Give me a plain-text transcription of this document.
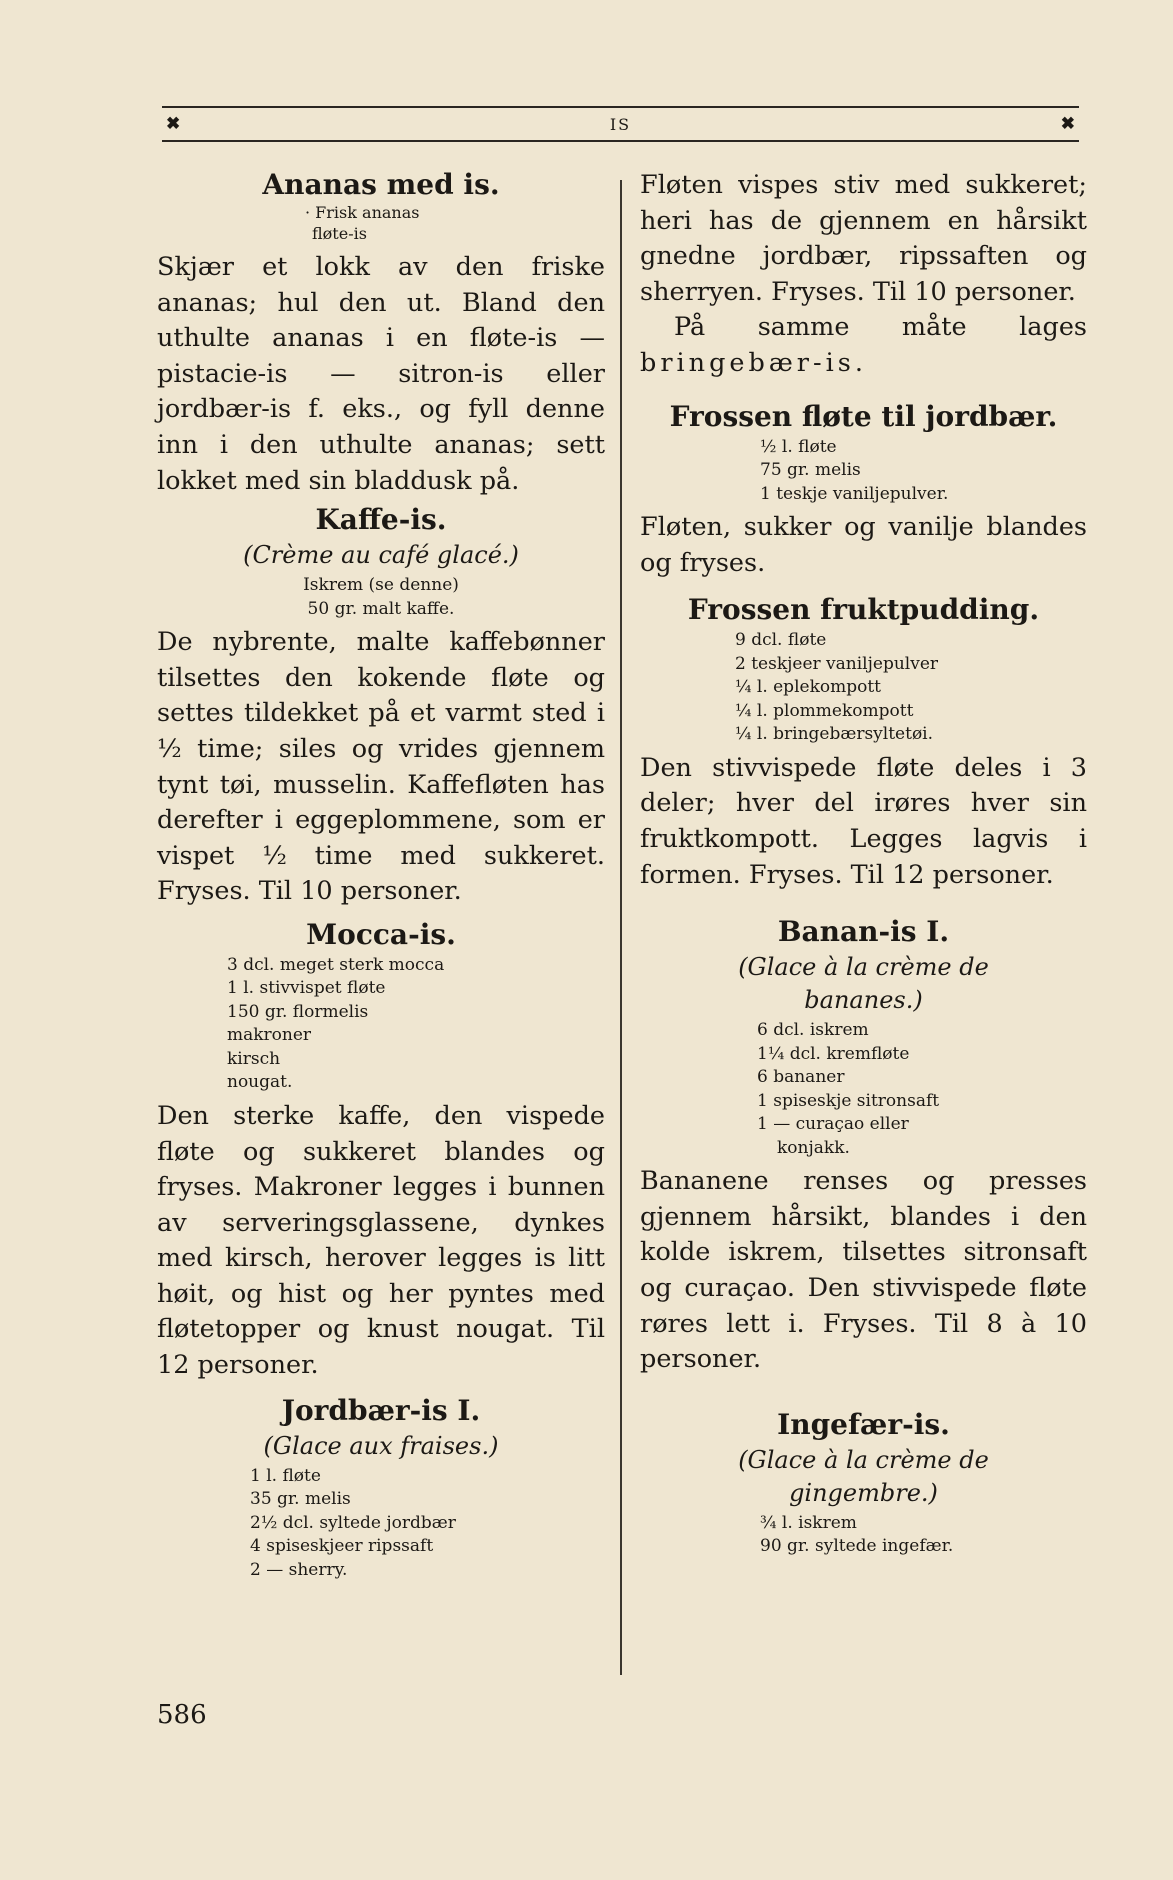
✖	IS	✖
Ananas med is.
· Frisk ananas
fløte-is

Skjær et lokk av den friske ananas; hul den ut. Bland den uthulte ananas i en fløte-is — pistacie-is — sitron-is eller jordbær-is f. eks., og fyll denne inn i den uthulte ananas; sett lokket med sin bladdusk på.

Kaffe-is.
(Crème au café glacé.)
Iskrem (se denne)
50 gr. malt kaffe.

De nybrente, malte kaffebønner tilsettes den kokende fløte og settes tildekket på et varmt sted i ½ time; siles og vrides gjennem tynt tøi, musselin. Kaffefløten has derefter i eggeplommene, som er vispet ½ time med sukkeret. Fryses. Til 10 personer.

Mocca-is.
3 dcl. meget sterk mocca
1 l. stivvispet fløte
150 gr. flormelis
makroner
kirsch
nougat.

Den sterke kaffe, den vispede fløte og sukkeret blandes og fryses. Makroner legges i bunnen av serveringsglassene, dynkes med kirsch, herover legges is litt høit, og hist og her pyntes med fløtetopper og knust nougat. Til 12 personer.

Jordbær-is I.
(Glace aux fraises.)
1 l. fløte
35 gr. melis
2½ dcl. syltede jordbær
4 spiseskjeer ripssaft
2 — sherry.

Fløten vispes stiv med sukkeret; heri has de gjennem en hårsikt gnedne jordbær, ripssaften og sherryen. Fryses. Til 10 personer.

På samme måte lages bringebær-is.

Frossen fløte til jordbær.
½ l. fløte
75 gr. melis
1 teskje vaniljepulver.

Fløten, sukker og vanilje blandes og fryses.

Frossen fruktpudding.
9 dcl. fløte
2 teskjeer vaniljepulver
¼ l. eplekompott
¼ l. plommekompott
¼ l. bringebærsyltetøi.

Den stivvispede fløte deles i 3 deler; hver del irøres hver sin fruktkompott. Legges lagvis i formen. Fryses. Til 12 personer.

Banan-is I.
(Glace à la crème de bananes.)
6 dcl. iskrem
1¼ dcl. kremfløte
6 bananer
1 spiseskje sitronsaft
1 — curaçao eller
konjakk.

Bananene renses og presses gjennem hårsikt, blandes i den kolde iskrem, tilsettes sitronsaft og curaçao. Den stivvispede fløte røres lett i. Fryses. Til 8 à 10 personer.

Ingefær-is.
(Glace à la crème de gingembre.)
¾ l. iskrem
90 gr. syltede ingefær.
586
